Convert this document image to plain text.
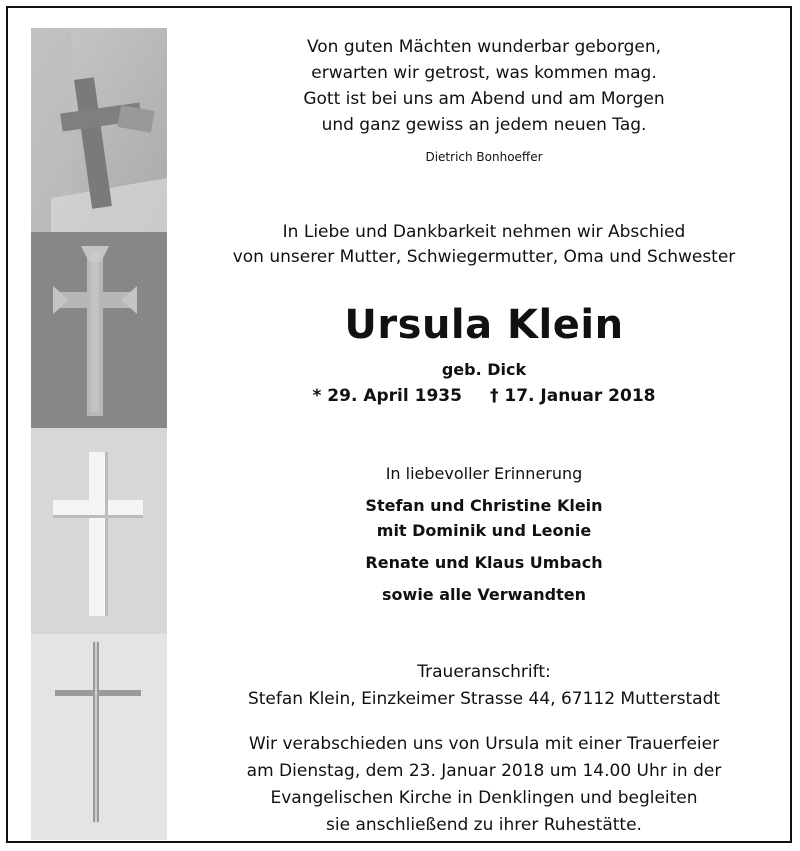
Von guten Mächten wunderbar geborgen,
erwarten wir getrost, was kommen mag.
Gott ist bei uns am Abend und am Morgen
und ganz gewiss an jedem neuen Tag.
Dietrich Bonhoeffer
In Liebe und Dankbarkeit nehmen wir Abschied
von unserer Mutter, Schwiegermutter, Oma und Schwester
Ursula Klein
geb. Dick
* 29. April 1935 † 17. Januar 2018
In liebevoller Erinnerung
Stefan und Christine Klein
mit Dominik und Leonie
Renate und Klaus Umbach
sowie alle Verwandten
Traueranschrift:
Stefan Klein, Einzkeimer Strasse 44, 67112 Mutterstadt
Wir verabschieden uns von Ursula mit einer Trauerfeier
am Dienstag, dem 23. Januar 2018 um 14.00 Uhr in der
Evangelischen Kirche in Denklingen und begleiten
sie anschließend zu ihrer Ruhestätte.
